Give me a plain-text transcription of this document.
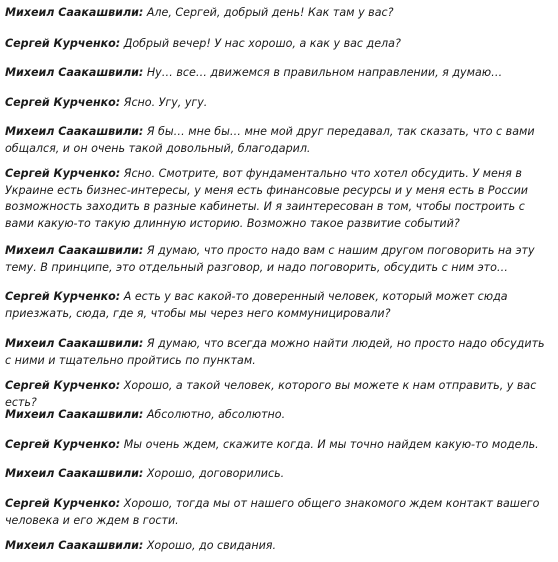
Михеил Саакашвили: Але, Сергей, добрый день! Как там у вас?

Сергей Курченко: Добрый вечер! У нас хорошо, а как у вас дела?

Михеил Саакашвили: Ну… все… движемся в правильном направлении, я думаю…

Сергей Курченко: Ясно. Угу, угу.

Михеил Саакашвили: Я бы… мне бы… мне мой друг передавал, так сказать, что с вами общался, и он очень такой довольный, благодарил.

Сергей Курченко: Ясно. Смотрите, вот фундаментально что хотел обсудить. У меня в Украине есть бизнес-интересы, у меня есть финансовые ресурсы и у меня есть в России возможность заходить в разные кабинеты. И я заинтересован в том, чтобы построить с вами какую-то такую длинную историю. Возможно такое развитие событий?

Михеил Саакашвили: Я думаю, что просто надо вам с нашим другом поговорить на эту тему. В принципе, это отдельный разговор, и надо поговорить, обсудить с ним это…

Сергей Курченко: А есть у вас какой-то доверенный человек, который может сюда приезжать, сюда, где я, чтобы мы через него коммуницировали?

Михеил Саакашвили: Я думаю, что всегда можно найти людей, но просто надо обсудить с ними и тщательно пройтись по пунктам.

Сергей Курченко: Хорошо, а такой человек, которого вы можете к нам отправить, у вас есть?

Михеил Саакашвили: Абсолютно, абсолютно.

Сергей Курченко: Мы очень ждем, скажите когда. И мы точно найдем какую-то модель.

Михеил Саакашвили: Хорошо, договорились.

Сергей Курченко: Хорошо, тогда мы от нашего общего знакомого ждем контакт вашего человека и его ждем в гости.

Михеил Саакашвили: Хорошо, до свидания.
